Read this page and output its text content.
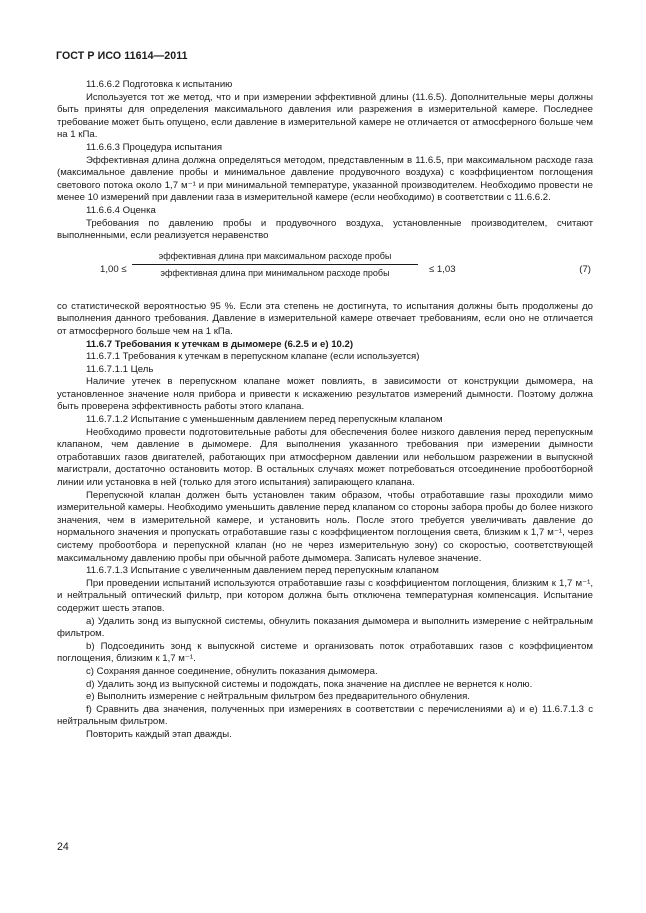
ГОСТ Р ИСО 11614—2011

11.6.6.2 Подготовка к испытанию

Используется тот же метод, что и при измерении эффективной длины (11.6.5). Дополнительные меры должны быть приняты для определения максимального давления или разрежения в измерительной камере. Последнее требование может быть опущено, если давление в измерительной камере не отличается от атмосферного больше чем на 1 кПа.

11.6.6.3 Процедура испытания

Эффективная длина должна определяться методом, представленным в 11.6.5, при максимальном расходе газа (максимальное давление пробы и минимальное давление продувочного воздуха) с коэффициентом поглощения светового потока около 1,7 м⁻¹ и при минимальной температуре, указанной производителем. Необходимо провести не менее 10 измерений при давлении газа в измерительной камере (если необходимо) в соответствии с 11.6.6.2.

11.6.6.4 Оценка

Требования по давлению пробы и продувочного воздуха, установленные производителем, считают выполненными, если реализуется неравенство

1,00 ≤
эффективная длина при максимальном расходе пробы
эффективная длина при минимальном расходе пробы	≤ 1,03	(7)

со статистической вероятностью 95 %. Если эта степень не достигнута, то испытания должны быть продолжены до выполнения данного требования. Давление в измерительной камере отвечает требованиям, если оно не отличается от атмосферного больше чем на 1 кПа.

11.6.7 Требования к утечкам в дымомере (6.2.5 и е) 10.2)

11.6.7.1 Требования к утечкам в перепускном клапане (если используется)

11.6.7.1.1 Цель

Наличие утечек в перепускном клапане может повлиять, в зависимости от конструкции дымомера, на установленное значение ноля прибора и привести к искажению результатов измерений дымности. Поэтому должна быть проверена эффективность работы этого клапана.

11.6.7.1.2 Испытание с уменьшенным давлением перед перепускным клапаном

Необходимо провести подготовительные работы для обеспечения более низкого давления перед перепускным клапаном, чем давление в дымомере. Для выполнения указанного требования при измерении дымности отработавших газов двигателей, работающих при атмосферном давлении или небольшом разрежении в выпускной магистрали, достаточно остановить мотор. В остальных случаях может потребоваться отсоединение пробоотборной линии или установка в ней (только для этого испытания) запирающего клапана.

Перепускной клапан должен быть установлен таким образом, чтобы отработавшие газы проходили мимо измерительной камеры. Необходимо уменьшить давление перед клапаном со стороны забора пробы до более низкого значения, чем в измерительной камере, и установить ноль. После этого требуется увеличивать давление до нормального значения и пропускать отработавшие газы с коэффициентом поглощения света, близким к 1,7 м⁻¹, через систему пробоотбора и перепускной клапан (но не через измерительную зону) со скоростью, соответствующей максимальному давлению пробы при обычной работе дымомера. Записать нулевое значение.

11.6.7.1.3 Испытание с увеличенным давлением перед перепускным клапаном

При проведении испытаний используются отработавшие газы с коэффициентом поглощения, близким к 1,7 м⁻¹, и нейтральный оптический фильтр, при котором должна быть отключена температурная компенсация. Испытание содержит шесть этапов.

a) Удалить зонд из выпускной системы, обнулить показания дымомера и выполнить измерение с нейтральным фильтром.

b) Подсоединить зонд к выпускной системе и организовать поток отработавших газов с коэффициентом поглощения, близким к 1,7 м⁻¹.

c) Сохраняя данное соединение, обнулить показания дымомера.

d) Удалить зонд из выпускной системы и подождать, пока значение на дисплее не вернется к нолю.

e) Выполнить измерение с нейтральным фильтром без предварительного обнуления.

f) Сравнить два значения, полученных при измерениях в соответствии с перечислениями а) и е) 11.6.7.1.3 с нейтральным фильтром.

Повторить каждый этап дважды.

24
